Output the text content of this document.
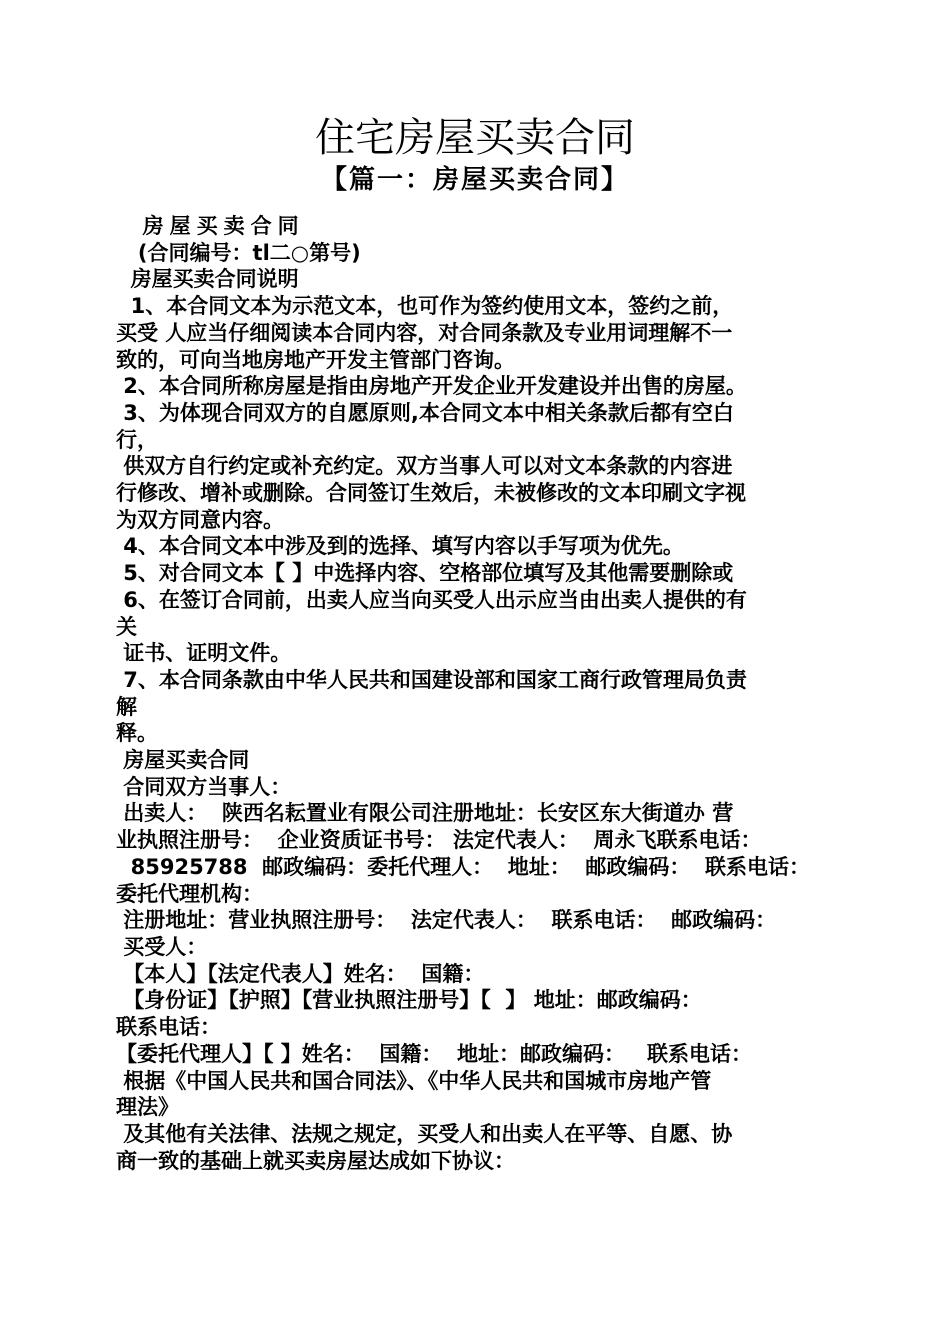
住宅房屋买卖合同
【篇一：房屋买卖合同】
房屋买卖合同
(合同编号：tl二○第号)
房屋买卖合同说明
1、本合同文本为示范文本，也可作为签约使用文本，签约之前，
买受 人应当仔细阅读本合同内容，对合同条款及专业用词理解不一
致的，可向当地房地产开发主管部门咨询。
2、本合同所称房屋是指由房地产开发企业开发建设并出售的房屋。
3、为体现合同双方的自愿原则,本合同文本中相关条款后都有空白
行，
供双方自行约定或补充约定。双方当事人可以对文本条款的内容进
行修改、增补或删除。合同签订生效后，未被修改的文本印刷文字视
为双方同意内容。
4、本合同文本中涉及到的选择、填写内容以手写项为优先。
5、对合同文本【 】中选择内容、空格部位填写及其他需要删除或
6、在签订合同前，出卖人应当向买受人出示应当由出卖人提供的有
关
证书、证明文件。
7、本合同条款由中华人民共和国建设部和国家工商行政管理局负责
解
释。
房屋买卖合同
合同双方当事人：
出卖人：  陕西名耘置业有限公司注册地址：长安区东大街道办 营
业执照注册号：  企业资质证书号： 法定代表人：  周永飞联系电话：
85925788  邮政编码：委托代理人：  地址：  邮政编码：  联系电话：
委托代理机构：
注册地址：营业执照注册号：  法定代表人：  联系电话：  邮政编码：
买受人：
【本人】【法定代表人】姓名：  国籍：
【身份证】【护照】【营业执照注册号】【  】 地址：邮政编码：
联系电话：
【委托代理人】【 】姓名：  国籍：  地址：邮政编码：   联系电话：
根据《中国人民共和国合同法》、《中华人民共和国城市房地产管
理法》
及其他有关法律、法规之规定，买受人和出卖人在平等、自愿、协
商一致的基础上就买卖房屋达成如下协议：
